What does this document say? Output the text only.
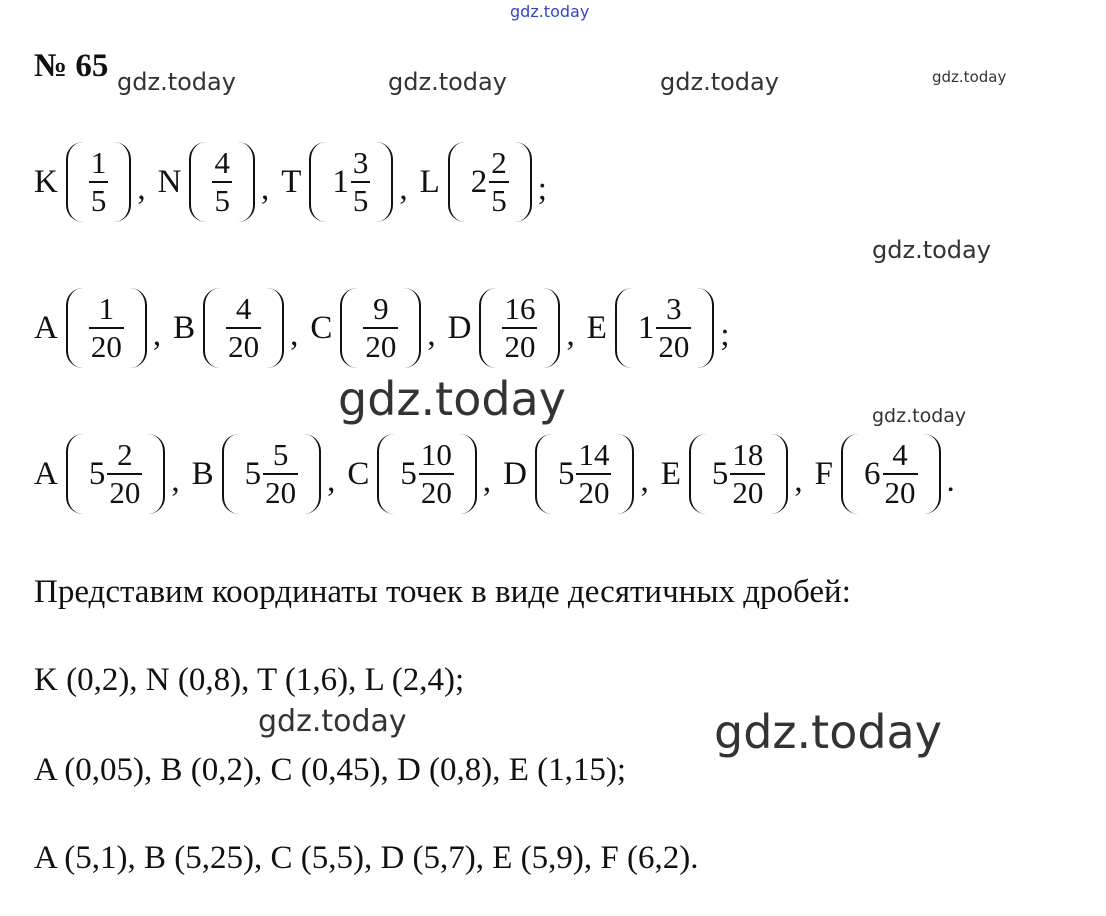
gdz.today
№ 65 gdz.today	gdz.today	gdz.today	gdz.today
gdz.today
gdz.today	gdz.today
gdz.today	gdz.today
K $\frac{1}{5}$ , N $\frac{4}{5}$ , T $1 \frac{3}{5}$ , L $2 \frac{2}{5}$ ;
A $\frac{1}{20}$ , B $\frac{4}{20}$ , C $\frac{9}{20}$ , D $\frac{16}{20}$ , E $1 \frac{3}{20}$ ;
A $5 \frac{2}{20}$ , B $5 \frac{5}{20}$ , C $5 \frac{10}{20}$ , D $5 \frac{14}{20}$ , E $5 \frac{18}{20}$ , F $6 \frac{4}{20}$ .
Представим координаты точек в виде десятичных дробей:
K (0,2), N (0,8), T (1,6), L (2,4);
A (0,05), B (0,2), C (0,45), D (0,8), E (1,15);
A (5,1), B (5,25), C (5,5), D (5,7), E (5,9), F (6,2).
